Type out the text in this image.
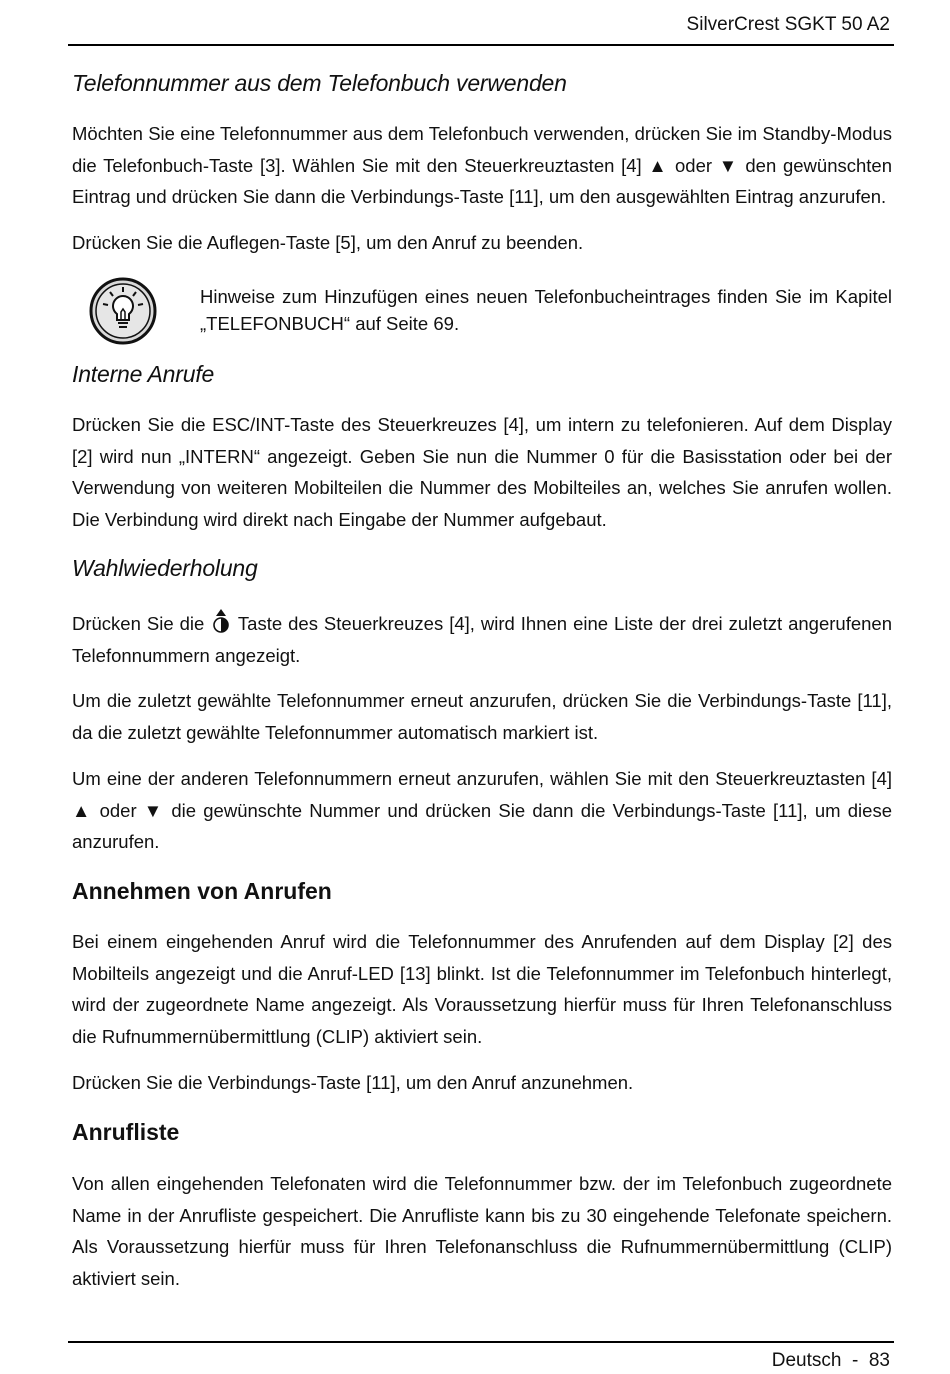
SilverCrest SGKT 50 A2
Telefonnummer aus dem Telefonbuch verwenden

Möchten Sie eine Telefonnummer aus dem Telefonbuch verwenden, drücken Sie im Standby-Modus die Telefonbuch-Taste [3]. Wählen Sie mit den Steuerkreuztasten [4] ▲ oder ▼ den gewünschten Eintrag und drücken Sie dann die Verbindungs-Taste [11], um den ausgewählten Eintrag anzurufen.

Drücken Sie die Auflegen-Taste [5], um den Anruf zu beenden.

Hinweise zum Hinzufügen eines neuen Telefonbucheintrages finden Sie im Kapitel „TELEFONBUCH“ auf Seite 69.

Interne Anrufe

Drücken Sie die ESC/INT-Taste des Steuerkreuzes [4], um intern zu telefonieren. Auf dem Display [2] wird nun „INTERN“ angezeigt. Geben Sie nun die Nummer 0 für die Basisstation oder bei der Verwendung von weiteren Mobilteilen die Nummer des Mobilteiles an, welches Sie anrufen wollen. Die Verbindung wird direkt nach Eingabe der Nummer aufgebaut.

Wahlwiederholung

Drücken Sie die  Taste des Steuerkreuzes [4], wird Ihnen eine Liste der drei zuletzt angerufenen Telefonnummern angezeigt.

Um die zuletzt gewählte Telefonnummer erneut anzurufen, drücken Sie die Verbindungs-Taste [11], da die zuletzt gewählte Telefonnummer automatisch markiert ist.

Um eine der anderen Telefonnummern erneut anzurufen, wählen Sie mit den Steuerkreuztasten [4] ▲ oder ▼ die gewünschte Nummer und drücken Sie dann die Verbindungs-Taste [11], um diese anzurufen.

Annehmen von Anrufen

Bei einem eingehenden Anruf wird die Telefonnummer des Anrufenden auf dem Display [2] des Mobilteils angezeigt und die Anruf-LED [13] blinkt. Ist die Telefonnummer im Telefonbuch hinterlegt, wird der zugeordnete Name angezeigt. Als Voraussetzung hierfür muss für Ihren Telefonanschluss die Rufnummernübermittlung (CLIP) aktiviert sein.

Drücken Sie die Verbindungs-Taste [11], um den Anruf anzunehmen.

Anrufliste

Von allen eingehenden Telefonaten wird die Telefonnummer bzw. der im Telefonbuch zugeordnete Name in der Anrufliste gespeichert. Die Anrufliste kann bis zu 30 eingehende Telefonate speichern. Als Voraussetzung hierfür muss für Ihren Telefonanschluss die Rufnummernübermittlung (CLIP) aktiviert sein.

Deutsch  -  83
